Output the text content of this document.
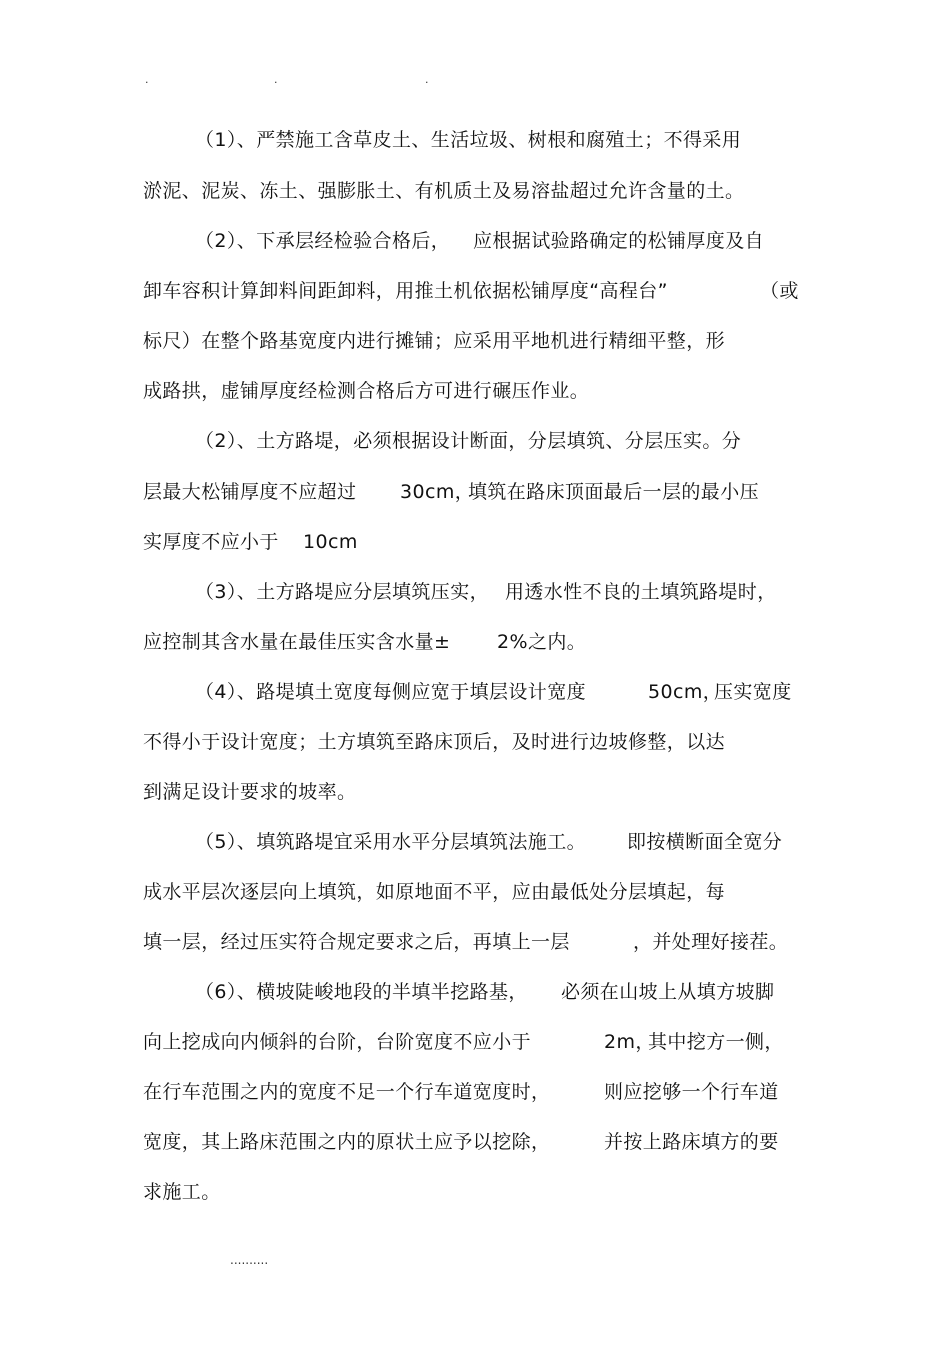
.	.	.
（1）、严禁施工含草皮土、生活垃圾、树根和腐殖土；不得采用
淤泥、泥炭、冻土、强膨胀土、有机质土及易溶盐超过允许含量的土。
（2）、下承层经检验合格后， 应根据试验路确定的松铺厚度及自
卸车容积计算卸料间距卸料，用推土机依据松铺厚度“高程台”	（或
标尺）在整个路基宽度内进行摊铺；应采用平地机进行精细平整，形
成路拱，虚铺厚度经检测合格后方可进行碾压作业。
（2）、土方路堤，必须根据设计断面，分层填筑、分层压实。分
层最大松铺厚度不应超过 30cm，
填筑在路床顶面最后一层的最小压
实厚度不应小于 10cm
（3）、土方路堤应分层填筑压实， 用透水性不良的土填筑路堤时，
应控制其含水量在最佳压实含水量± 2%之内。
（4）、路堤填土宽度每侧应宽于填层设计宽度	50cm，
压实宽度
不得小于设计宽度；土方填筑至路床顶后，及时进行边坡修整，以达
到满足设计要求的坡率。
（5）、填筑路堤宜采用水平分层填筑法施工。 即按横断面全宽分
成水平层次逐层向上填筑，如原地面不平，应由最低处分层填起，每
填一层，经过压实符合规定要求之后，再填上一层	，并处理好接茬。
（6）、横坡陡峻地段的半填半挖路基， 必须在山坡上从填方坡脚
向上挖成向内倾斜的台阶，台阶宽度不应小于	2m，
其中挖方一侧，
在行车范围之内的宽度不足一个行车道宽度时，	则应挖够一个行车道
宽度，其上路床范围之内的原状土应予以挖除，	并按上路床填方的要
求施工。
..........
